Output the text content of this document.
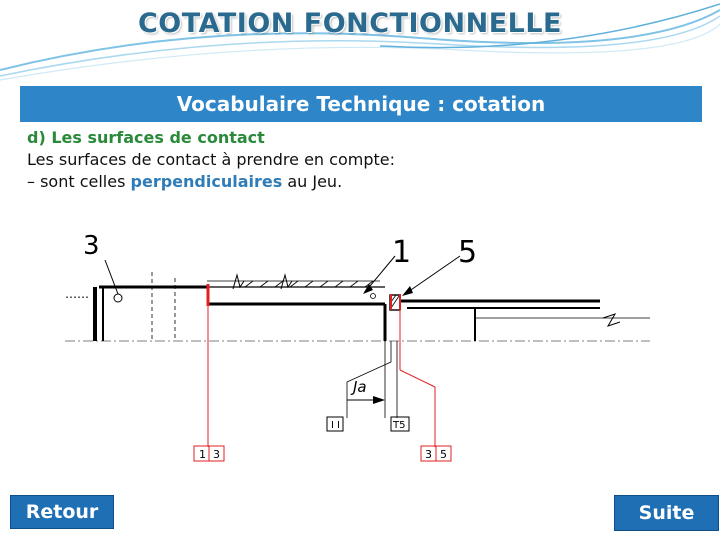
COTATION FONCTIONNELLE
Vocabulaire Technique : cotation
d) Les surfaces de contact
Les surfaces de contact à prendre en compte:
– sont celles perpendiculaires au Jeu.
……
Ja
3	1 5
1 3
I I	T5
3 5
Retour	Suite
